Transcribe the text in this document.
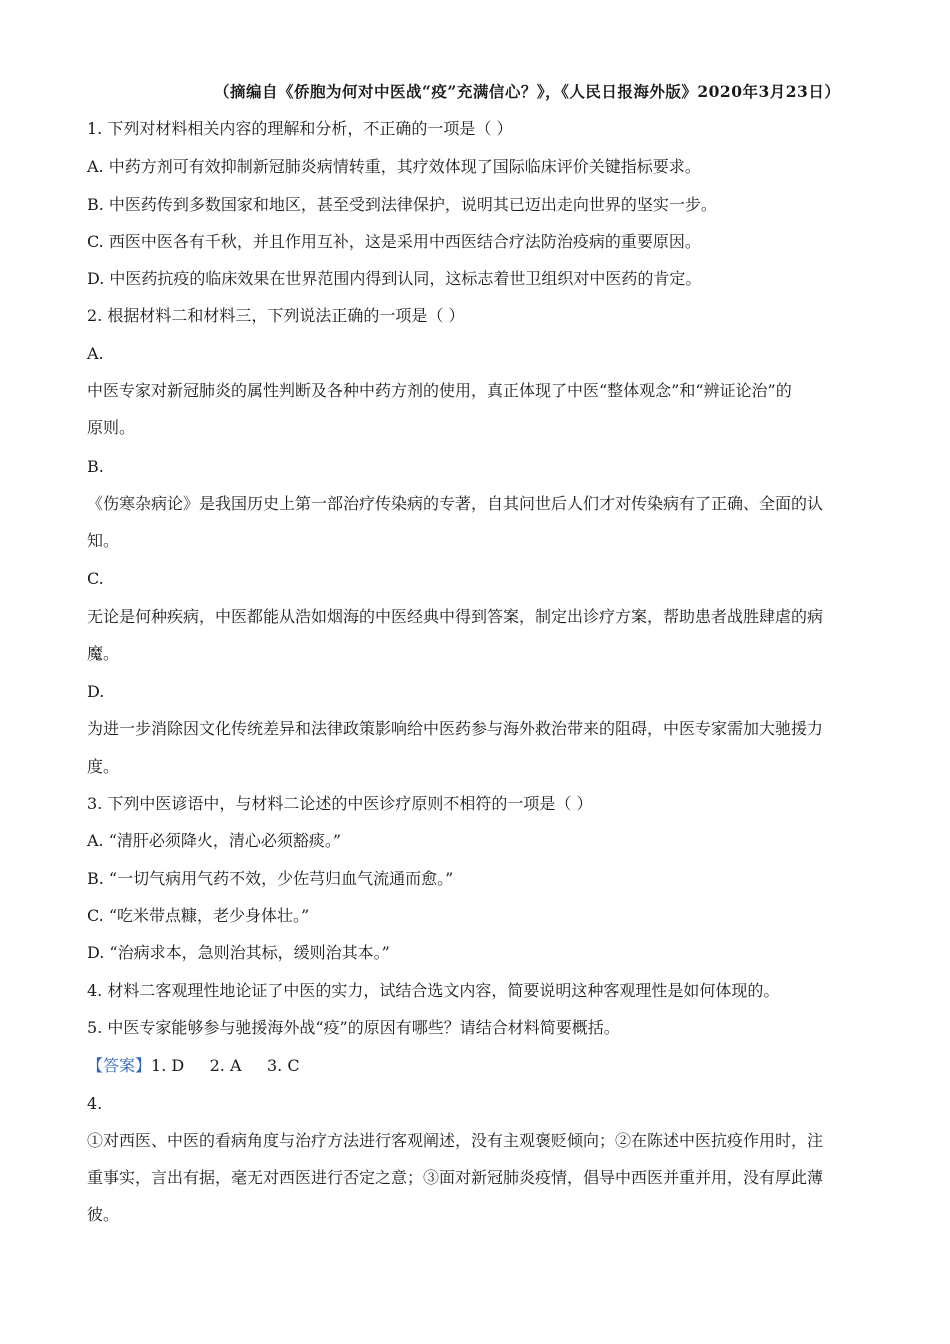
（摘编自《侨胞为何对中医战“疫”充满信心？》，《人民日报海外版》2020年3月23日）
1. 下列对材料相关内容的理解和分析，不正确的一项是（ ）
A. 中药方剂可有效抑制新冠肺炎病情转重，其疗效体现了国际临床评价关键指标要求。
B. 中医药传到多数国家和地区，甚至受到法律保护，说明其已迈出走向世界的坚实一步。
C. 西医中医各有千秋，并且作用互补，这是采用中西医结合疗法防治疫病的重要原因。
D. 中医药抗疫的临床效果在世界范围内得到认同，这标志着世卫组织对中医药的肯定。
2. 根据材料二和材料三，下列说法正确的一项是（ ）
A.
中医专家对新冠肺炎的属性判断及各种中药方剂的使用，真正体现了中医“整体观念”和“辨证论治”的
原则。
B.
《伤寒杂病论》是我国历史上第一部治疗传染病的专著，自其问世后人们才对传染病有了正确、全面的认
知。
C.
无论是何种疾病，中医都能从浩如烟海的中医经典中得到答案，制定出诊疗方案，帮助患者战胜肆虐的病
魔。
D.
为进一步消除因文化传统差异和法律政策影响给中医药参与海外救治带来的阻碍，中医专家需加大驰援力
度。
3. 下列中医谚语中，与材料二论述的中医诊疗原则不相符的一项是（ ）
A. “清肝必须降火，清心必须豁痰。”
B. “一切气病用气药不效，少佐芎归血气流通而愈。”
C. “吃米带点糠，老少身体壮。”
D. “治病求本，急则治其标，缓则治其本。”
4. 材料二客观理性地论证了中医的实力，试结合选文内容，简要说明这种客观理性是如何体现的。
5. 中医专家能够参与驰援海外战“疫”的原因有哪些？请结合材料简要概括。
【答案】1. D     2. A     3. C
4.
①对西医、中医的看病角度与治疗方法进行客观阐述，没有主观褒贬倾向；②在陈述中医抗疫作用时，注
重事实，言出有据，毫无对西医进行否定之意；③面对新冠肺炎疫情，倡导中西医并重并用，没有厚此薄
彼。
